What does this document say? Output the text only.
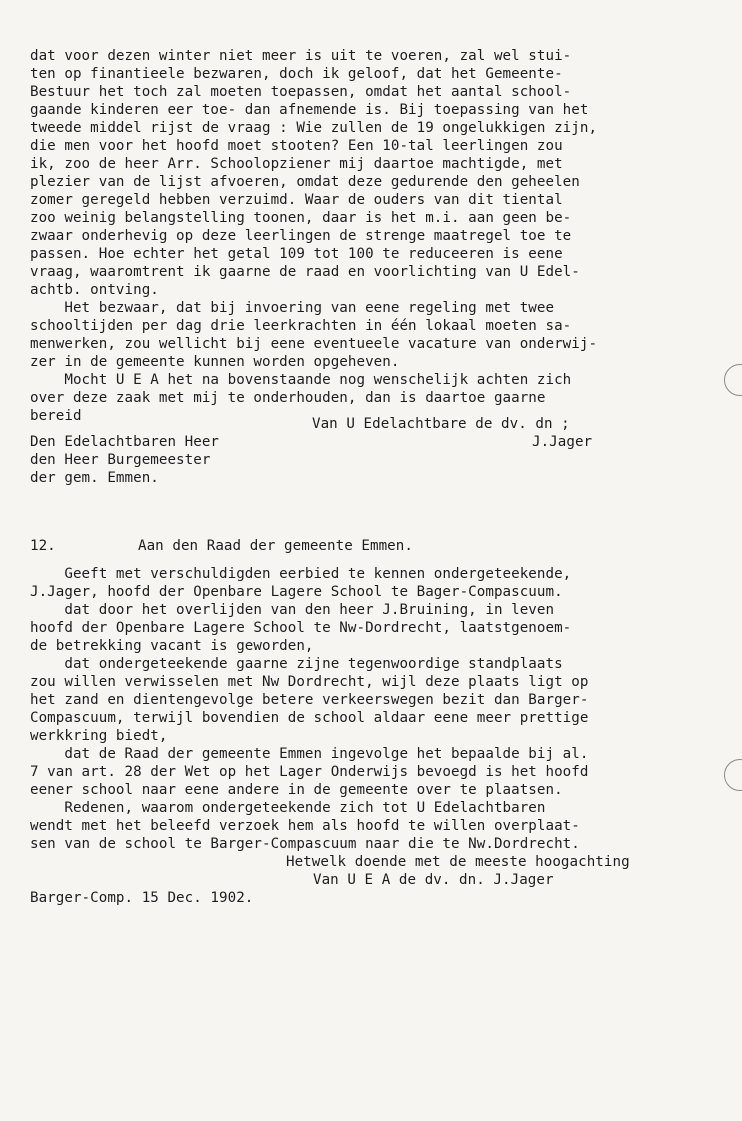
dat voor dezen winter niet meer is uit te voeren, zal wel stui-
ten op finantieele bezwaren, doch ik geloof, dat het Gemeente-
Bestuur het toch zal moeten toepassen, omdat het aantal school-
gaande kinderen eer toe- dan afnemende is. Bij toepassing van het
tweede middel rijst de vraag : Wie zullen de 19 ongelukkigen zijn,
die men voor het hoofd moet stooten? Een 10-tal leerlingen zou
ik, zoo de heer Arr. Schoolopziener mij daartoe machtigde, met
plezier van de lijst afvoeren, omdat deze gedurende den geheelen
zomer geregeld hebben verzuimd. Waar de ouders van dit tiental
zoo weinig belangstelling toonen, daar is het m.i. aan geen be-
zwaar onderhevig op deze leerlingen de strenge maatregel toe te
passen. Hoe echter het getal 109 tot 100 te reduceeren is eene
vraag, waaromtrent ik gaarne de raad en voorlichting van U Edel-
achtb. ontving.
Het bezwaar, dat bij invoering van eene regeling met twee
schooltijden per dag drie leerkrachten in één lokaal moeten sa-
menwerken, zou wellicht bij eene eventueele vacature van onderwij-
zer in de gemeente kunnen worden opgeheven.
Mocht U E A het na bovenstaande nog wenschelijk achten zich
over deze zaak met mij te onderhouden, dan is daartoe gaarne
bereid	Van U Edelachtbare de dv. dn ;
Den Edelachtbaren Heer	J.Jager
den Heer Burgemeester
der gem. Emmen.
12.	Aan den Raad der gemeente Emmen.
Geeft met verschuldigden eerbied te kennen ondergeteekende,
J.Jager, hoofd der Openbare Lagere School te Bager-Compascuum.
dat door het overlijden van den heer J.Bruining, in leven
hoofd der Openbare Lagere School te Nw-Dordrecht, laatstgenoem-
de betrekking vacant is geworden,
dat ondergeteekende gaarne zijne tegenwoordige standplaats
zou willen verwisselen met Nw Dordrecht, wijl deze plaats ligt op
het zand en dientengevolge betere verkeerswegen bezit dan Barger-
Compascuum, terwijl bovendien de school aldaar eene meer prettige
werkkring biedt,
dat de Raad der gemeente Emmen ingevolge het bepaalde bij al.
7 van art. 28 der Wet op het Lager Onderwijs bevoegd is het hoofd
eener school naar eene andere in de gemeente over te plaatsen.
Redenen, waarom ondergeteekende zich tot U Edelachtbaren
wendt met het beleefd verzoek hem als hoofd te willen overplaat-
sen van de school te Barger-Compascuum naar die te Nw.Dordrecht.
Hetwelk doende met de meeste hoogachting
Van U E A de dv. dn. J.Jager
Barger-Comp. 15 Dec. 1902.
